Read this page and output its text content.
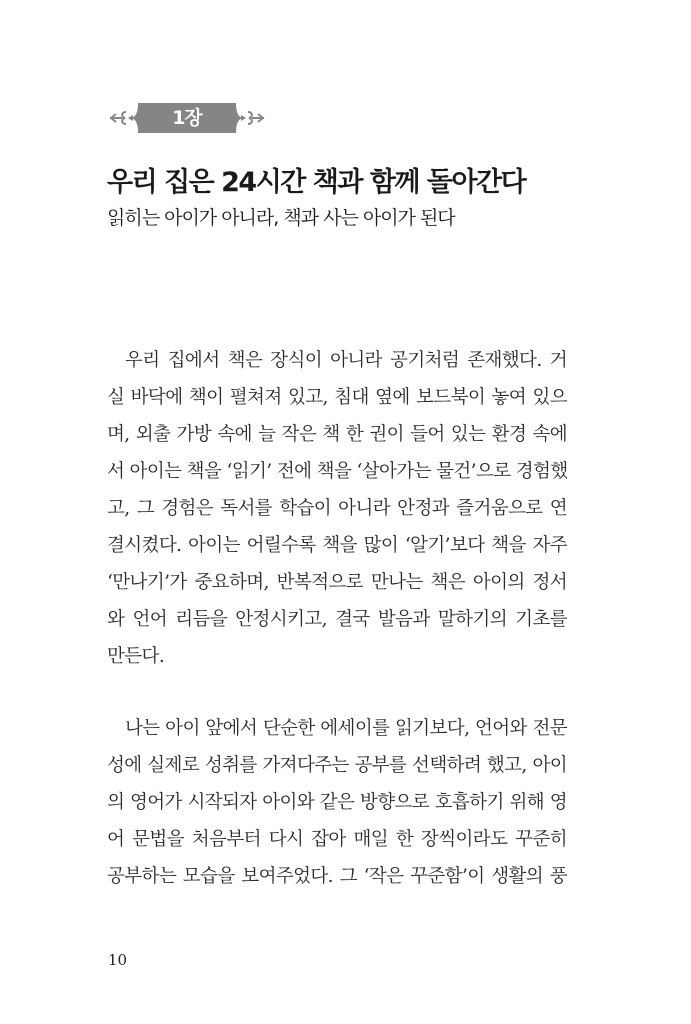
1장
우리 집은 24시간 책과 함께 돌아간다
읽히는 아이가 아니라, 책과 사는 아이가 된다
우리 집에서 책은 장식이 아니라 공기처럼 존재했다. 거
실 바닥에 책이 펼쳐져 있고, 침대 옆에 보드북이 놓여 있으
며, 외출 가방 속에 늘 작은 책 한 권이 들어 있는 환경 속에
서 아이는 책을 ‘읽기’ 전에 책을 ‘살아가는 물건’으로 경험했
고, 그 경험은 독서를 학습이 아니라 안정과 즐거움으로 연
결시켰다. 아이는 어릴수록 책을 많이 ‘알기’보다 책을 자주
‘만나기’가 중요하며, 반복적으로 만나는 책은 아이의 정서
와 언어 리듬을 안정시키고, 결국 발음과 말하기의 기초를
만든다.
나는 아이 앞에서 단순한 에세이를 읽기보다, 언어와 전문
성에 실제로 성취를 가져다주는 공부를 선택하려 했고, 아이
의 영어가 시작되자 아이와 같은 방향으로 호흡하기 위해 영
어 문법을 처음부터 다시 잡아 매일 한 장씩이라도 꾸준히
공부하는 모습을 보여주었다. 그 ‘작은 꾸준함’이 생활의 풍
10
